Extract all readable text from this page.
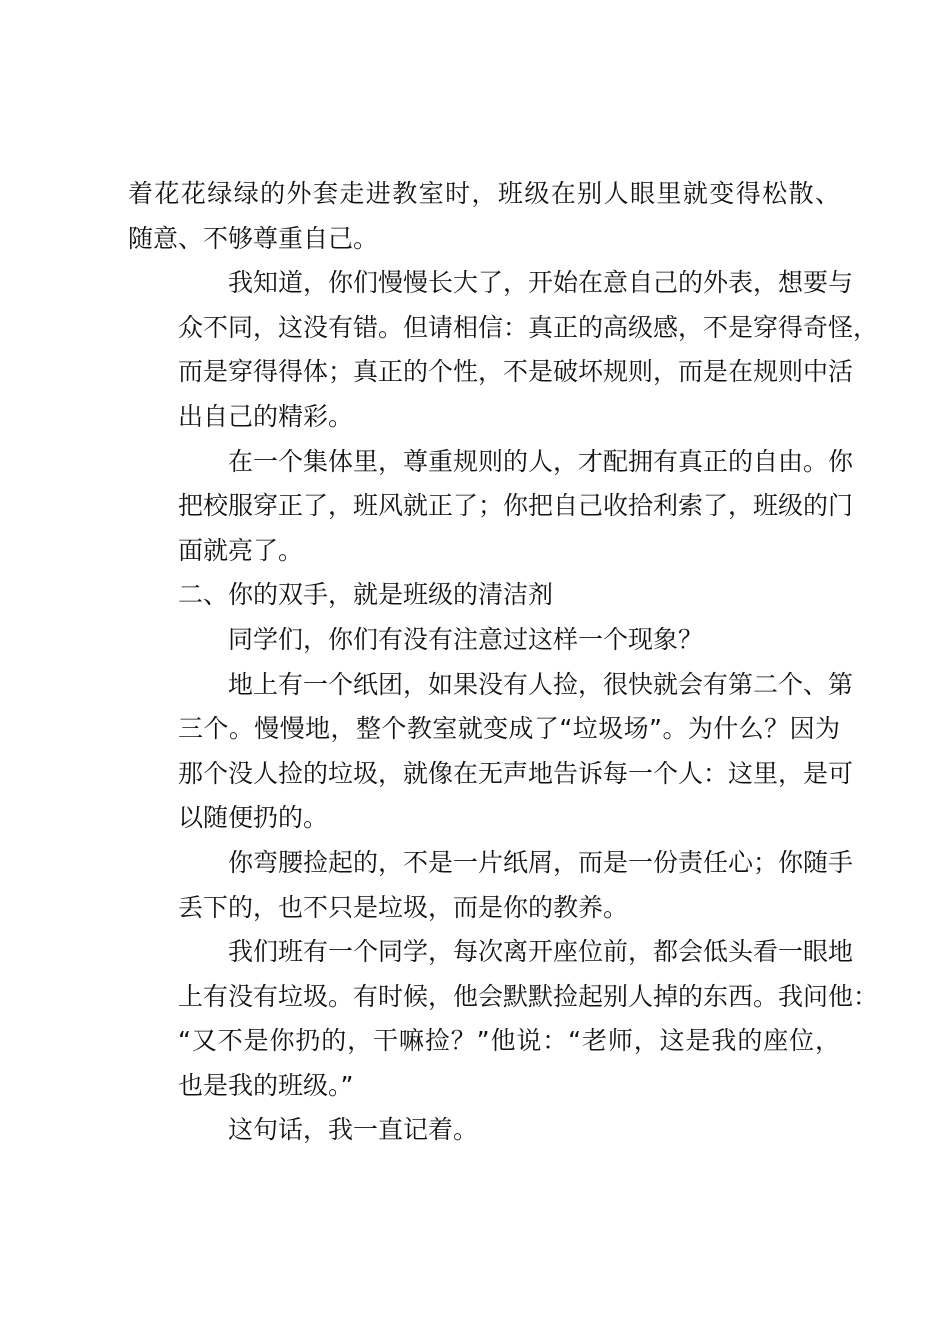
着花花绿绿的外套走进教室时，班级在别人眼里就变得松散、
随意、不够尊重自己。
我知道，你们慢慢长大了，开始在意自己的外表，想要与
众不同，这没有错。但请相信：真正的高级感，不是穿得奇怪，
而是穿得得体；真正的个性，不是破坏规则，而是在规则中活
出自己的精彩。
在一个集体里，尊重规则的人，才配拥有真正的自由。你
把校服穿正了，班风就正了；你把自己收拾利索了，班级的门
面就亮了。
二、你的双手，就是班级的清洁剂
同学们，你们有没有注意过这样一个现象？
地上有一个纸团，如果没有人捡，很快就会有第二个、第
三个。慢慢地，整个教室就变成了“垃圾场”。为什么？因为
那个没人捡的垃圾，就像在无声地告诉每一个人：这里，是可
以随便扔的。
你弯腰捡起的，不是一片纸屑，而是一份责任心；你随手
丢下的，也不只是垃圾，而是你的教养。
我们班有一个同学，每次离开座位前，都会低头看一眼地
上有没有垃圾。有时候，他会默默捡起别人掉的东西。我问他：
“又不是你扔的，干嘛捡？”他说：“老师，这是我的座位，
也是我的班级。”
这句话，我一直记着。
